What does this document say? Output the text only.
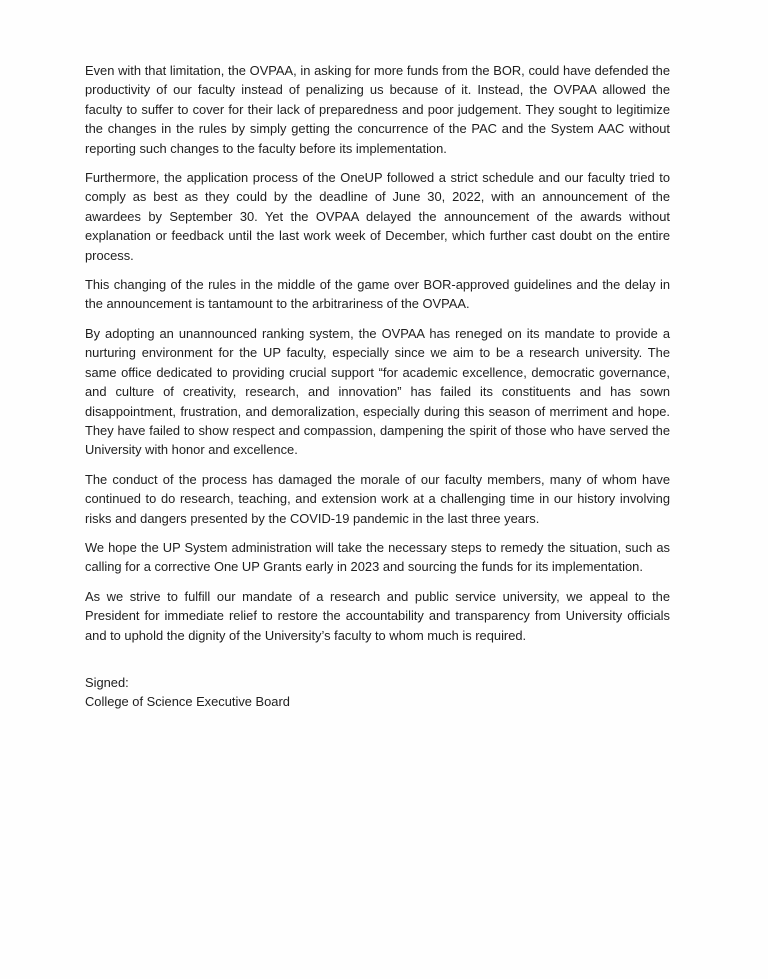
Even with that limitation, the OVPAA, in asking for more funds from the BOR, could have defended the productivity of our faculty instead of penalizing us because of it. Instead, the OVPAA allowed the faculty to suffer to cover for their lack of preparedness and poor judgement. They sought to legitimize the changes in the rules by simply getting the concurrence of the PAC and the System AAC without reporting such changes to the faculty before its implementation.

Furthermore, the application process of the OneUP followed a strict schedule and our faculty tried to comply as best as they could by the deadline of June 30, 2022, with an announcement of the awardees by September 30. Yet the OVPAA delayed the announcement of the awards without explanation or feedback until the last work week of December, which further cast doubt on the entire process.

This changing of the rules in the middle of the game over BOR-approved guidelines and the delay in the announcement is tantamount to the arbitrariness of the OVPAA.

By adopting an unannounced ranking system, the OVPAA has reneged on its mandate to provide a nurturing environment for the UP faculty, especially since we aim to be a research university. The same office dedicated to providing crucial support “for academic excellence, democratic governance, and culture of creativity, research, and innovation” has failed its constituents and has sown disappointment, frustration, and demoralization, especially during this season of merriment and hope. They have failed to show respect and compassion, dampening the spirit of those who have served the University with honor and excellence.

The conduct of the process has damaged the morale of our faculty members, many of whom have continued to do research, teaching, and extension work at a challenging time in our history involving risks and dangers presented by the COVID-19 pandemic in the last three years.

We hope the UP System administration will take the necessary steps to remedy the situation, such as calling for a corrective One UP Grants early in 2023 and sourcing the funds for its implementation.

As we strive to fulfill our mandate of a research and public service university, we appeal to the President for immediate relief to restore the accountability and transparency from University officials and to uphold the dignity of the University’s faculty to whom much is required.

Signed:

College of Science Executive Board
